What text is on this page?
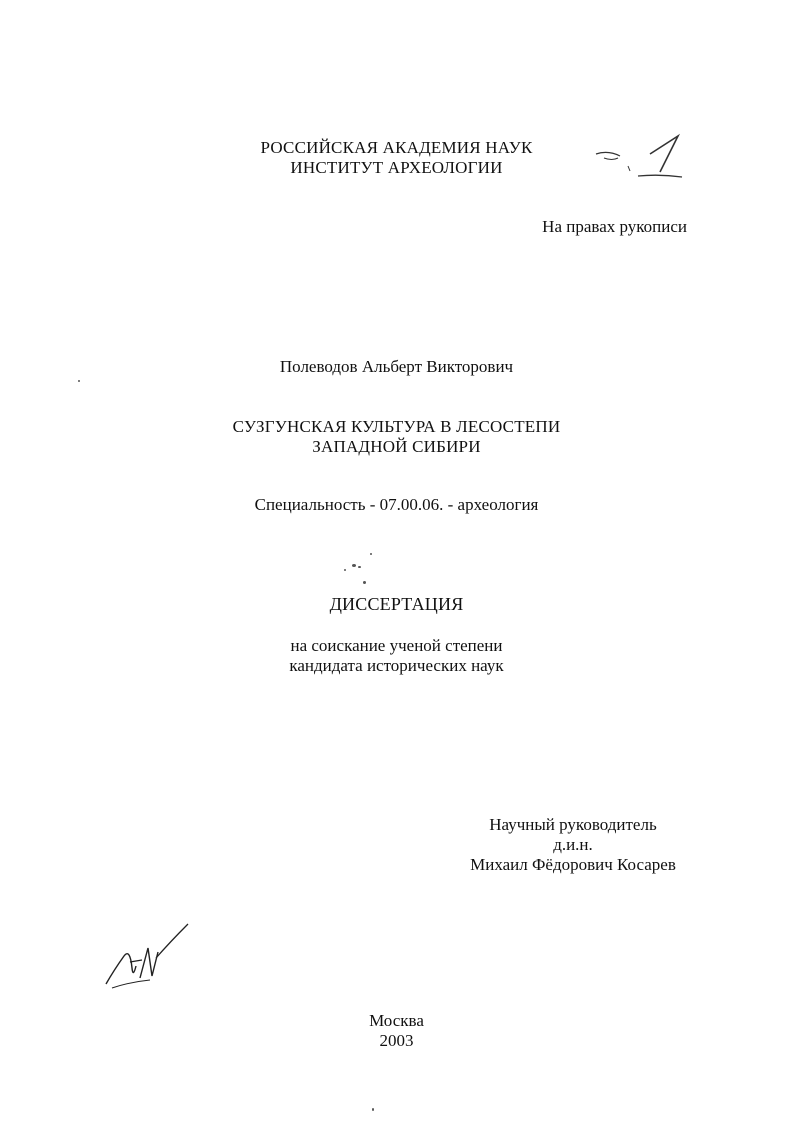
РОССИЙСКАЯ АКАДЕМИЯ НАУК
ИНСТИТУТ АРХЕОЛОГИИ
На правах рукописи
Полеводов Альберт Викторович
СУЗГУНСКАЯ КУЛЬТУРА В ЛЕСОСТЕПИ
ЗАПАДНОЙ СИБИРИ
Специальность - 07.00.06. - археология
ДИССЕРТАЦИЯ
на соискание ученой степени
кандидата исторических наук
Научный руководитель
д.и.н.
Михаил Фёдорович Косарев
Москва
2003
